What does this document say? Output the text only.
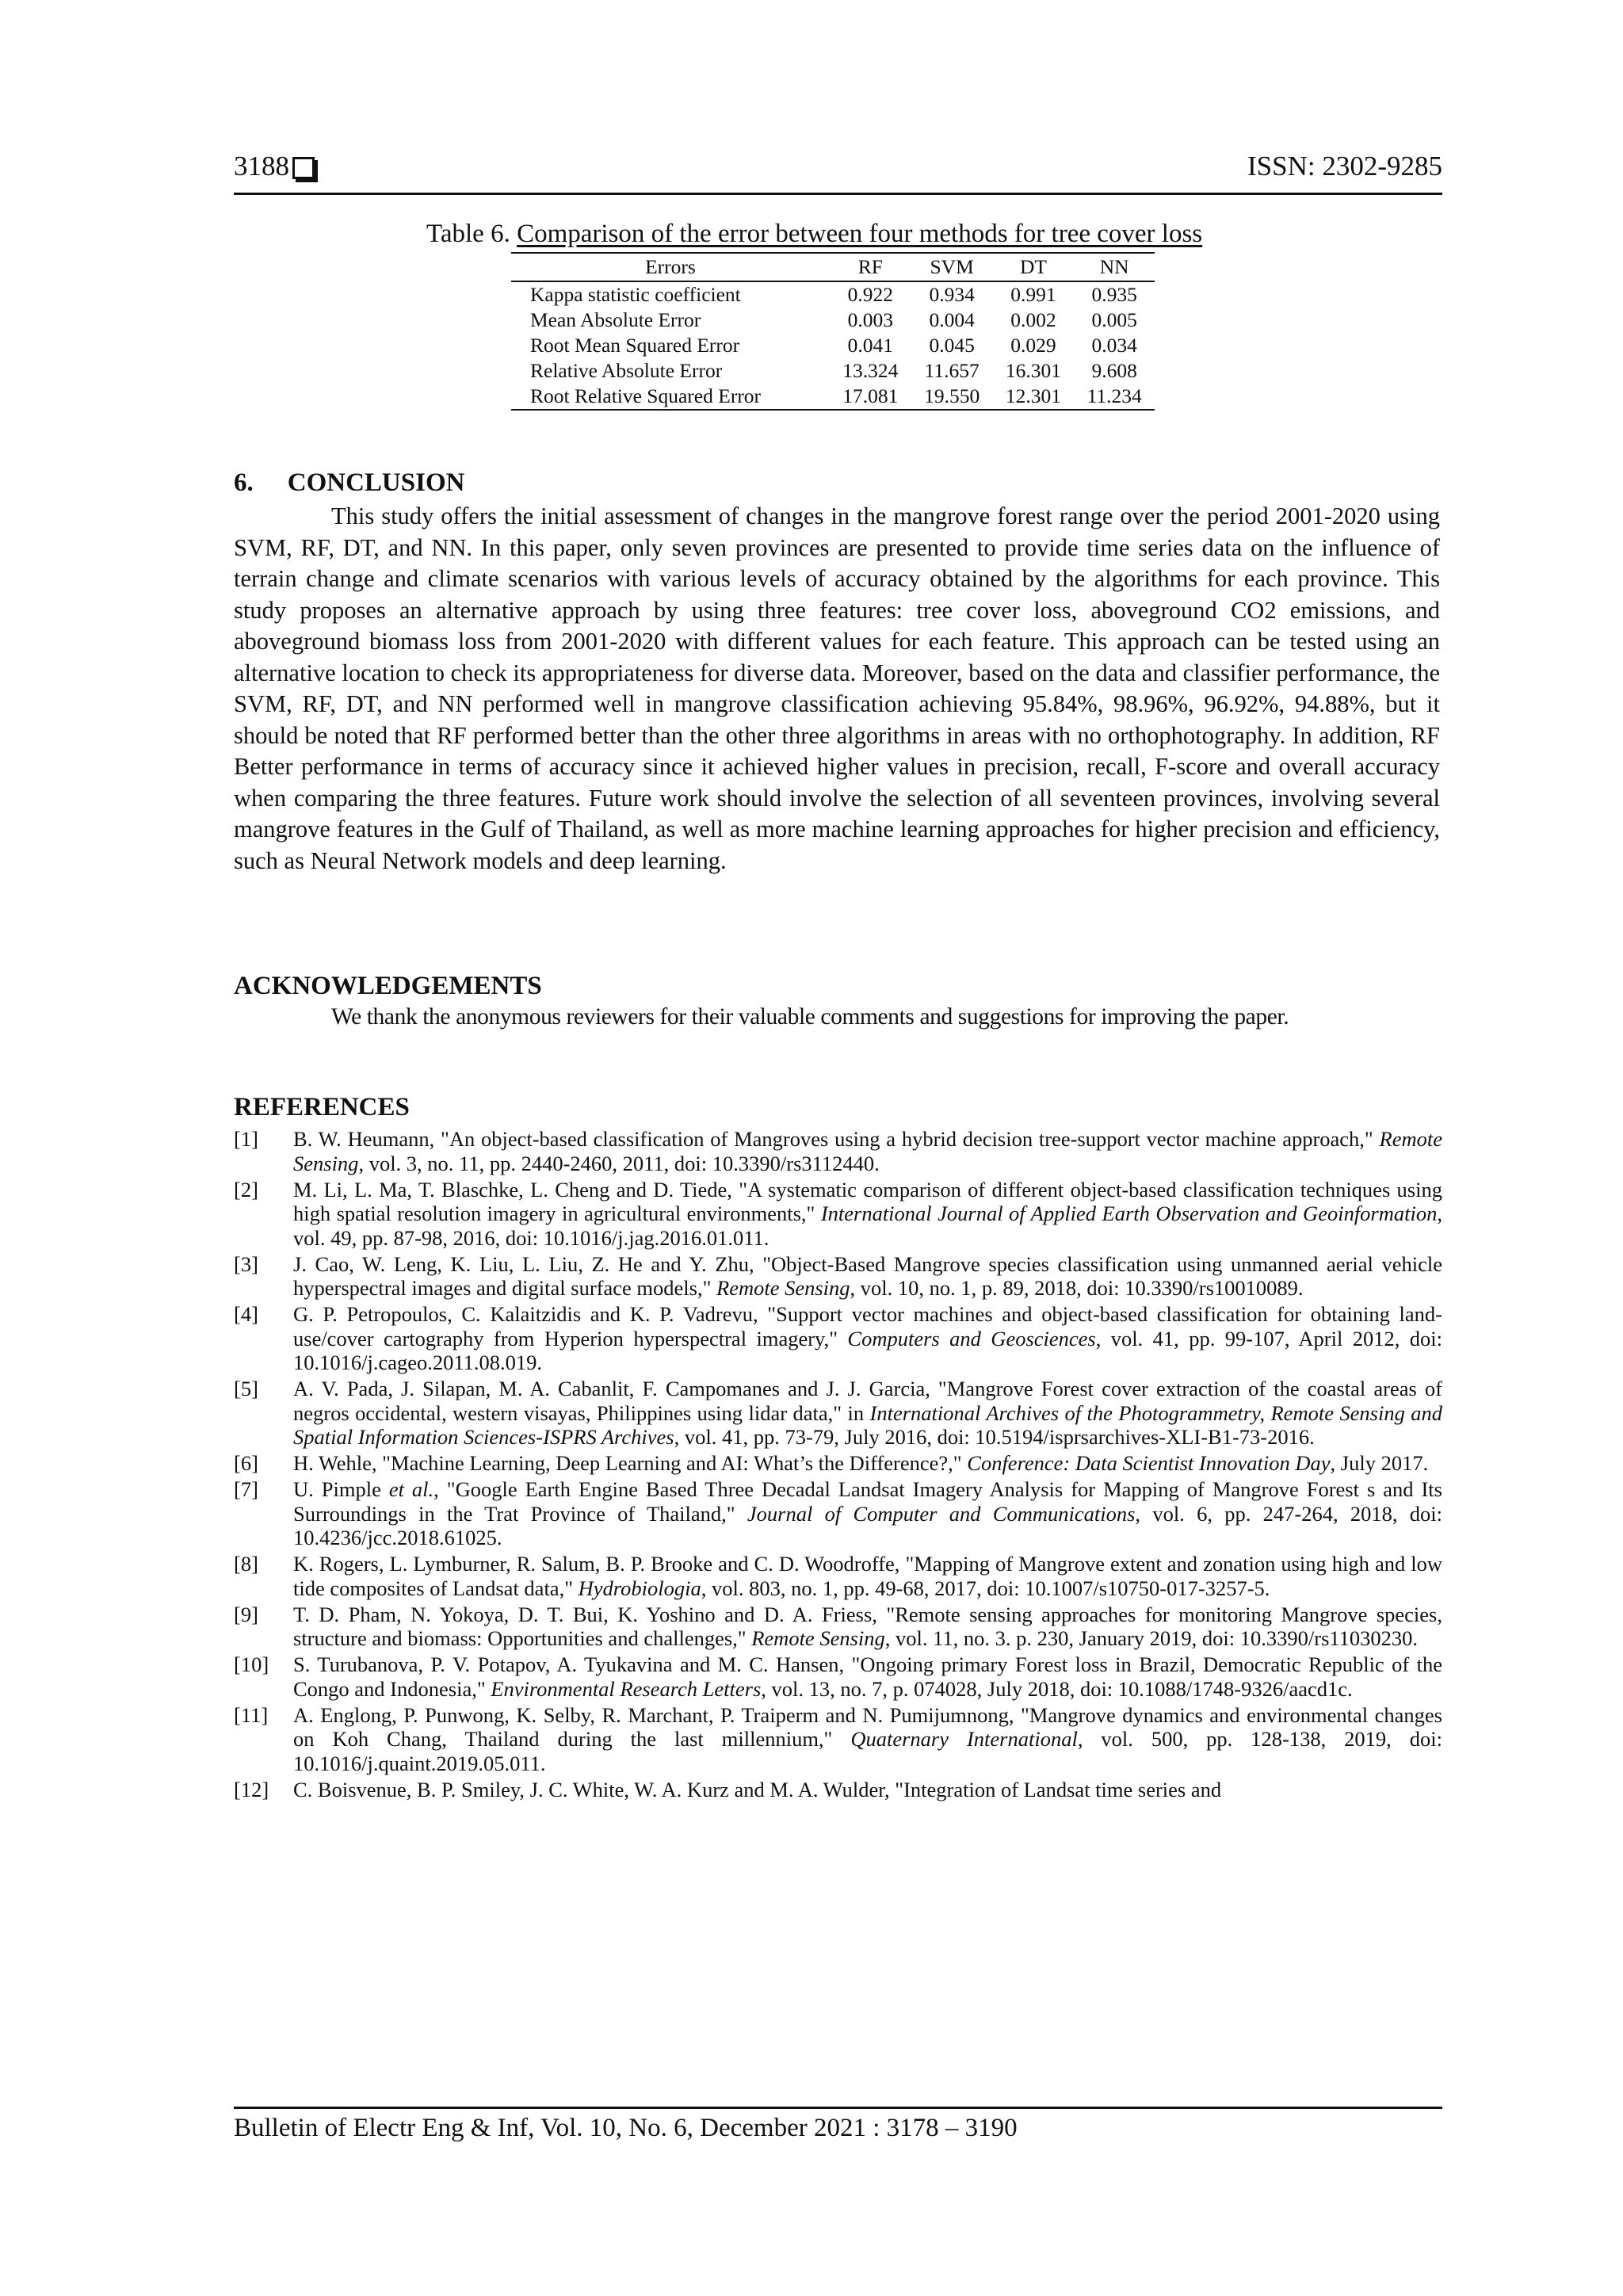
3188	ISSN: 2302-9285
Table 6. Comparison of the error between four methods for tree cover loss
Errors	RF	SVM	DT	NN
Kappa statistic coefficient	0.922	0.934	0.991	0.935
Mean Absolute Error	0.003	0.004	0.002	0.005
Root Mean Squared Error	0.041	0.045	0.029	0.034
Relative Absolute Error	13.324	11.657	16.301	9.608
Root Relative Squared Error	17.081	19.550	12.301	11.234
6. CONCLUSION

This study offers the initial assessment of changes in the mangrove forest range over the period 2001-2020 using SVM, RF, DT, and NN. In this paper, only seven provinces are presented to provide time series data on the influence of terrain change and climate scenarios with various levels of accuracy obtained by the algorithms for each province. This study proposes an alternative approach by using three features: tree cover loss, aboveground CO2 emissions, and aboveground biomass loss from 2001-2020 with different values for each feature. This approach can be tested using an alternative location to check its appropriateness for diverse data. Moreover, based on the data and classifier performance, the SVM, RF, DT, and NN performed well in mangrove classification achieving 95.84%, 98.96%, 96.92%, 94.88%, but it should be noted that RF performed better than the other three algorithms in areas with no orthophotography. In addition, RF Better performance in terms of accuracy since it achieved higher values in precision, recall, F-score and overall accuracy when comparing the three features. Future work should involve the selection of all seventeen provinces, involving several mangrove features in the Gulf of Thailand, as well as more machine learning approaches for higher precision and efficiency, such as Neural Network models and deep learning.

ACKNOWLEDGEMENTS

We thank the anonymous reviewers for their valuable comments and suggestions for improving the paper.

REFERENCES
[1]	B. W. Heumann, "An object-based classification of Mangroves using a hybrid decision tree-support vector machine approach," Remote Sensing, vol. 3, no. 11, pp. 2440-2460, 2011, doi: 10.3390/rs3112440.
[2]	M. Li, L. Ma, T. Blaschke, L. Cheng and D. Tiede, "A systematic comparison of different object-based classification techniques using high spatial resolution imagery in agricultural environments," International Journal of Applied Earth Observation and Geoinformation, vol. 49, pp. 87-98, 2016, doi: 10.1016/j.jag.2016.01.011.
[3]	J. Cao, W. Leng, K. Liu, L. Liu, Z. He and Y. Zhu, "Object-Based Mangrove species classification using unmanned aerial vehicle hyperspectral images and digital surface models," Remote Sensing, vol. 10, no. 1, p. 89, 2018, doi: 10.3390/rs10010089.
[4]	G. P. Petropoulos, C. Kalaitzidis and K. P. Vadrevu, "Support vector machines and object-based classification for obtaining land-use/cover cartography from Hyperion hyperspectral imagery," Computers and Geosciences, vol. 41, pp. 99-107, April 2012, doi: 10.1016/j.cageo.2011.08.019.
[5]	A. V. Pada, J. Silapan, M. A. Cabanlit, F. Campomanes and J. J. Garcia, "Mangrove Forest cover extraction of the coastal areas of negros occidental, western visayas, Philippines using lidar data," in International Archives of the Photogrammetry, Remote Sensing and Spatial Information Sciences-ISPRS Archives, vol. 41, pp. 73-79, July 2016, doi: 10.5194/isprsarchives-XLI-B1-73-2016.
[6]	H. Wehle, "Machine Learning, Deep Learning and AI: What’s the Difference?," Conference: Data Scientist Innovation Day, July 2017.
[7]	U. Pimple et al., "Google Earth Engine Based Three Decadal Landsat Imagery Analysis for Mapping of Mangrove Forest s and Its Surroundings in the Trat Province of Thailand," Journal of Computer and Communications, vol. 6, pp. 247-264, 2018, doi: 10.4236/jcc.2018.61025.
[8]	K. Rogers, L. Lymburner, R. Salum, B. P. Brooke and C. D. Woodroffe, "Mapping of Mangrove extent and zonation using high and low tide composites of Landsat data," Hydrobiologia, vol. 803, no. 1, pp. 49-68, 2017, doi: 10.1007/s10750-017-3257-5.
[9]	T. D. Pham, N. Yokoya, D. T. Bui, K. Yoshino and D. A. Friess, "Remote sensing approaches for monitoring Mangrove species, structure and biomass: Opportunities and challenges," Remote Sensing, vol. 11, no. 3. p. 230, January 2019, doi: 10.3390/rs11030230.
[10]	S. Turubanova, P. V. Potapov, A. Tyukavina and M. C. Hansen, "Ongoing primary Forest loss in Brazil, Democratic Republic of the Congo and Indonesia," Environmental Research Letters, vol. 13, no. 7, p. 074028, July 2018, doi: 10.1088/1748-9326/aacd1c.
[11]	A. Englong, P. Punwong, K. Selby, R. Marchant, P. Traiperm and N. Pumijumnong, "Mangrove dynamics and environmental changes on Koh Chang, Thailand during the last millennium," Quaternary International, vol. 500, pp. 128-138, 2019, doi: 10.1016/j.quaint.2019.05.011.
[12]	C. Boisvenue, B. P. Smiley, J. C. White, W. A. Kurz and M. A. Wulder, "Integration of Landsat time series and
Bulletin of Electr Eng & Inf, Vol. 10, No. 6, December 2021 : 3178 – 3190
